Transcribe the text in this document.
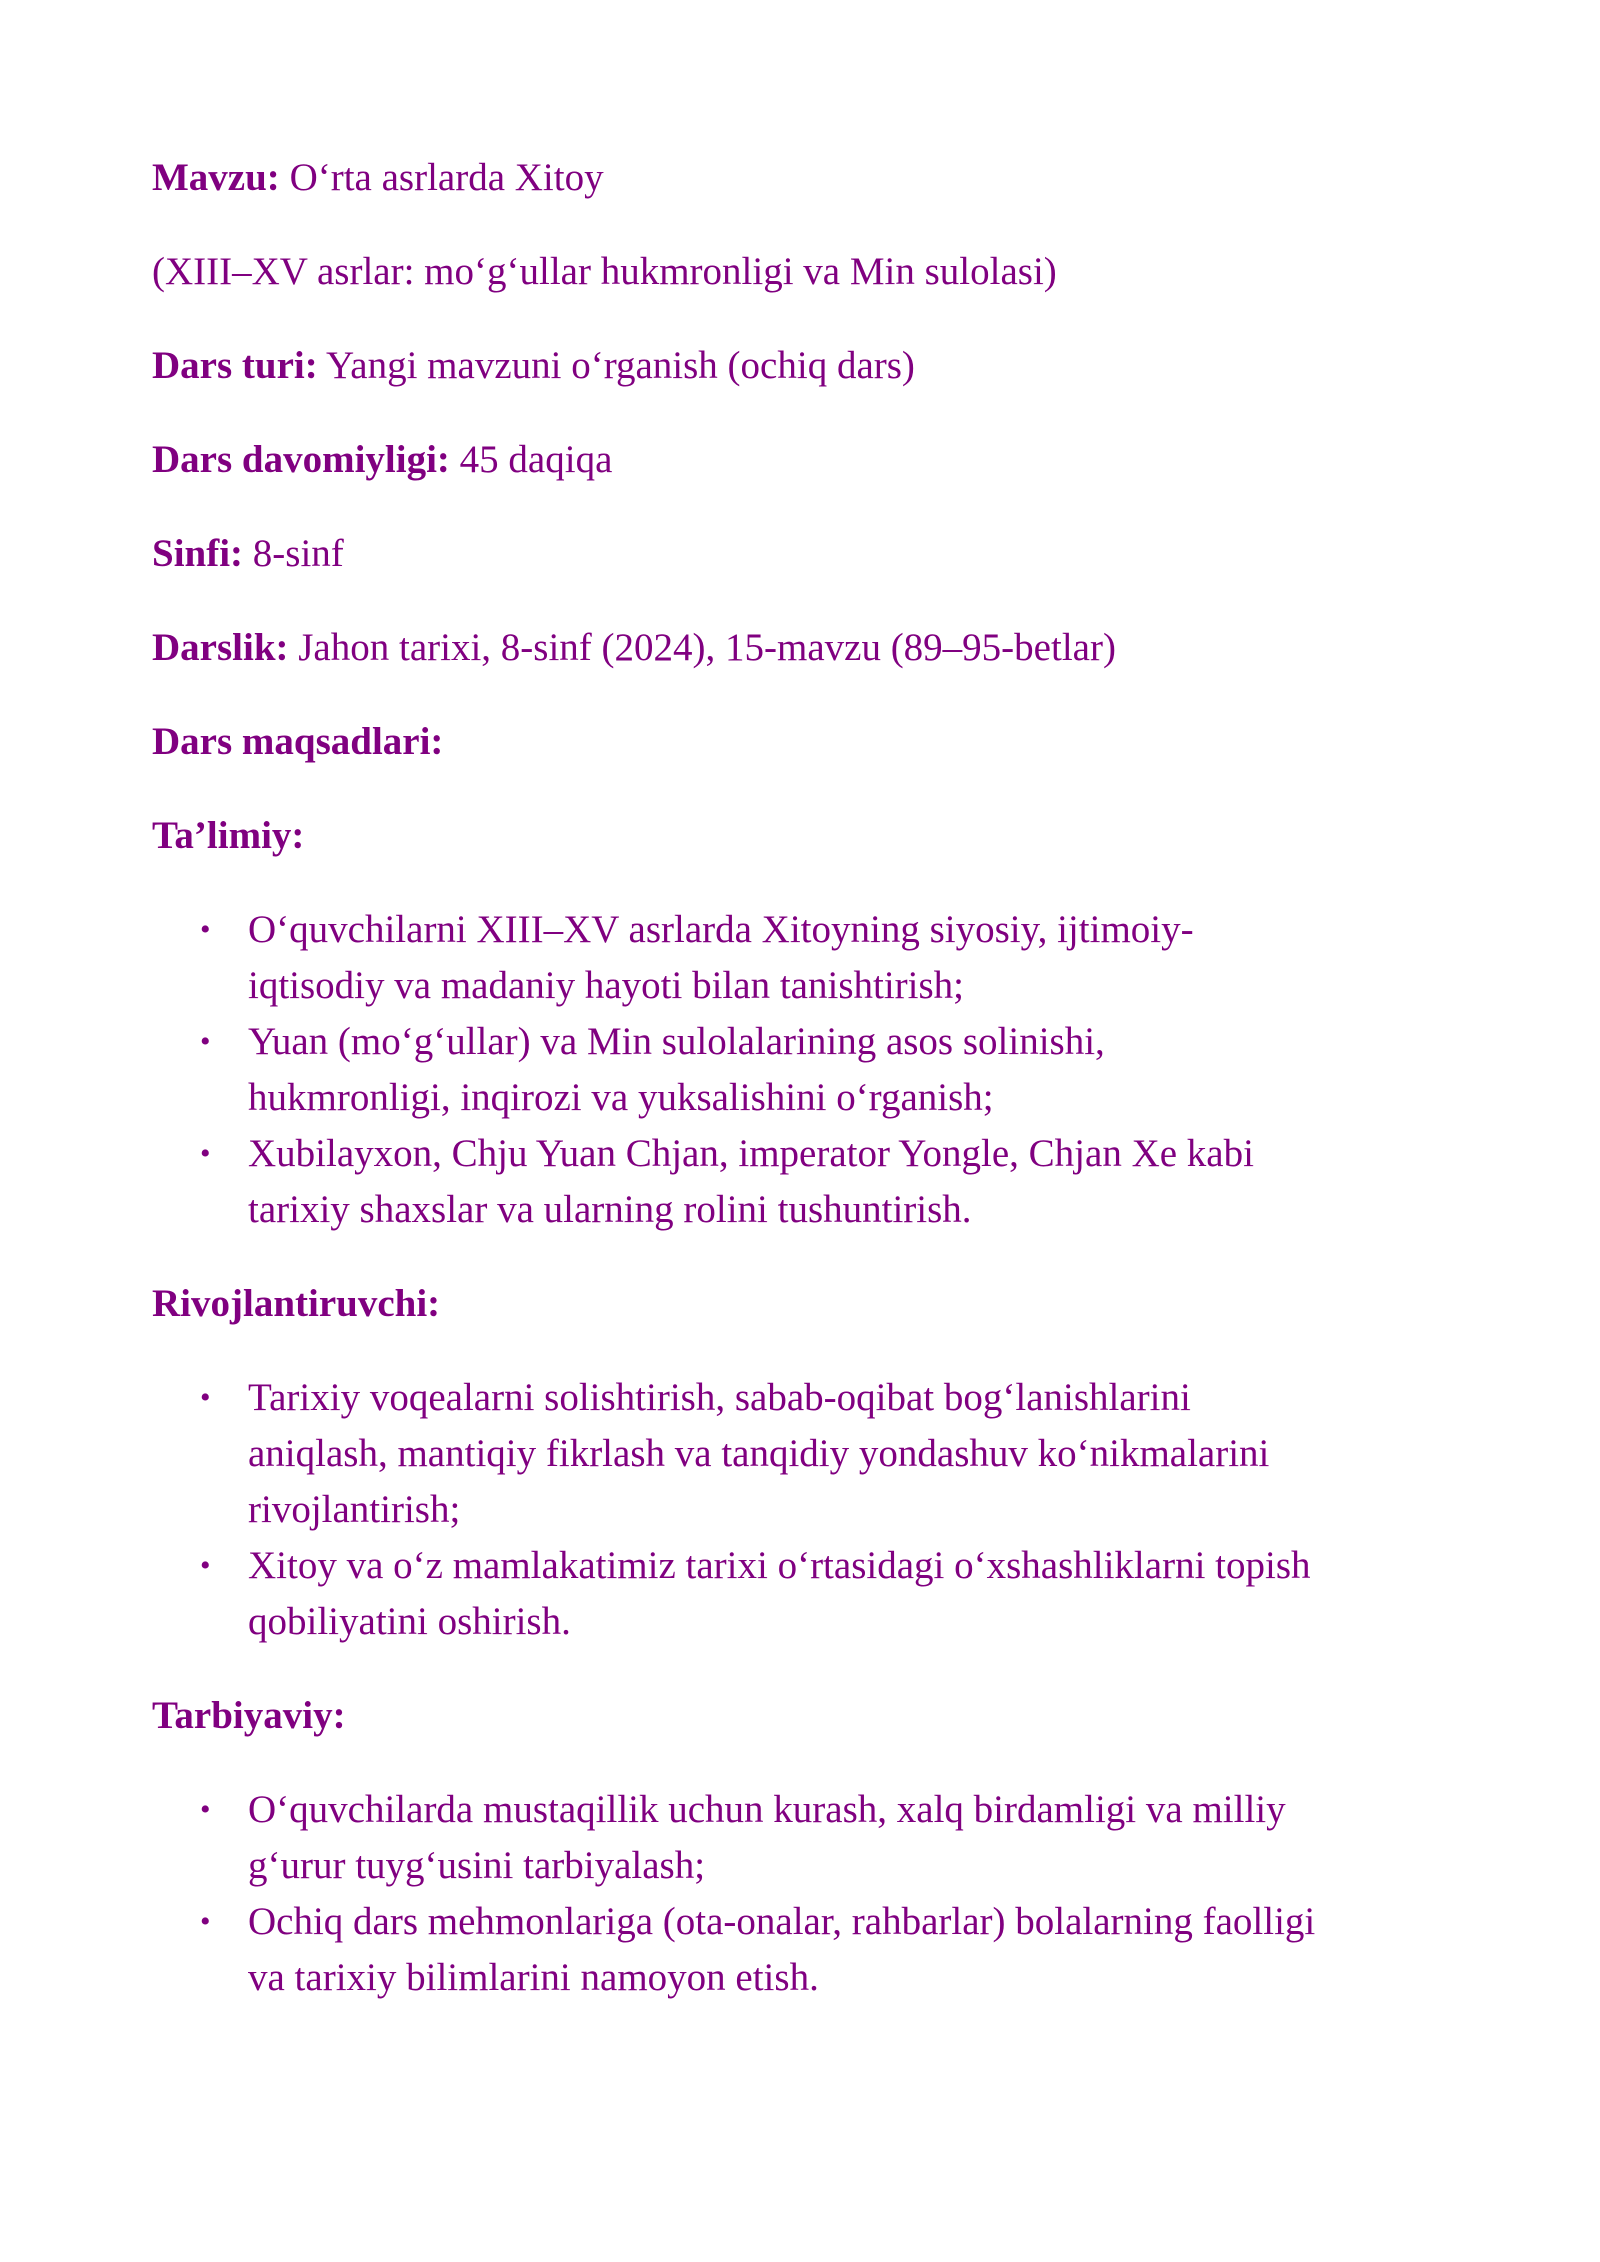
Mavzu: O‘rta asrlarda Xitoy

(XIII–XV asrlar: mo‘g‘ullar hukmronligi va Min sulolasi)

Dars turi: Yangi mavzuni o‘rganish (ochiq dars)

Dars davomiyligi: 45 daqiqa

Sinfi: 8-sinf

Darslik: Jahon tarixi, 8-sinf (2024), 15-mavzu (89–95-betlar)

Dars maqsadlari:

Ta’limiy:

• O‘quvchilarni XIII–XV asrlarda Xitoyning siyosiy, ijtimoiy-
iqtisodiy va madaniy hayoti bilan tanishtirish;
• Yuan (mo‘g‘ullar) va Min sulolalarining asos solinishi,
hukmronligi, inqirozi va yuksalishini o‘rganish;
• Xubilayxon, Chju Yuan Chjan, imperator Yongle, Chjan Xe kabi
tarixiy shaxslar va ularning rolini tushuntirish.

Rivojlantiruvchi:

• Tarixiy voqealarni solishtirish, sabab-oqibat bog‘lanishlarini
aniqlash, mantiqiy fikrlash va tanqidiy yondashuv ko‘nikmalarini
rivojlantirish;
• Xitoy va o‘z mamlakatimiz tarixi o‘rtasidagi o‘xshashliklarni topish
qobiliyatini oshirish.

Tarbiyaviy:

• O‘quvchilarda mustaqillik uchun kurash, xalq birdamligi va milliy
g‘urur tuyg‘usini tarbiyalash;
• Ochiq dars mehmonlariga (ota-onalar, rahbarlar) bolalarning faolligi
va tarixiy bilimlarini namoyon etish.
